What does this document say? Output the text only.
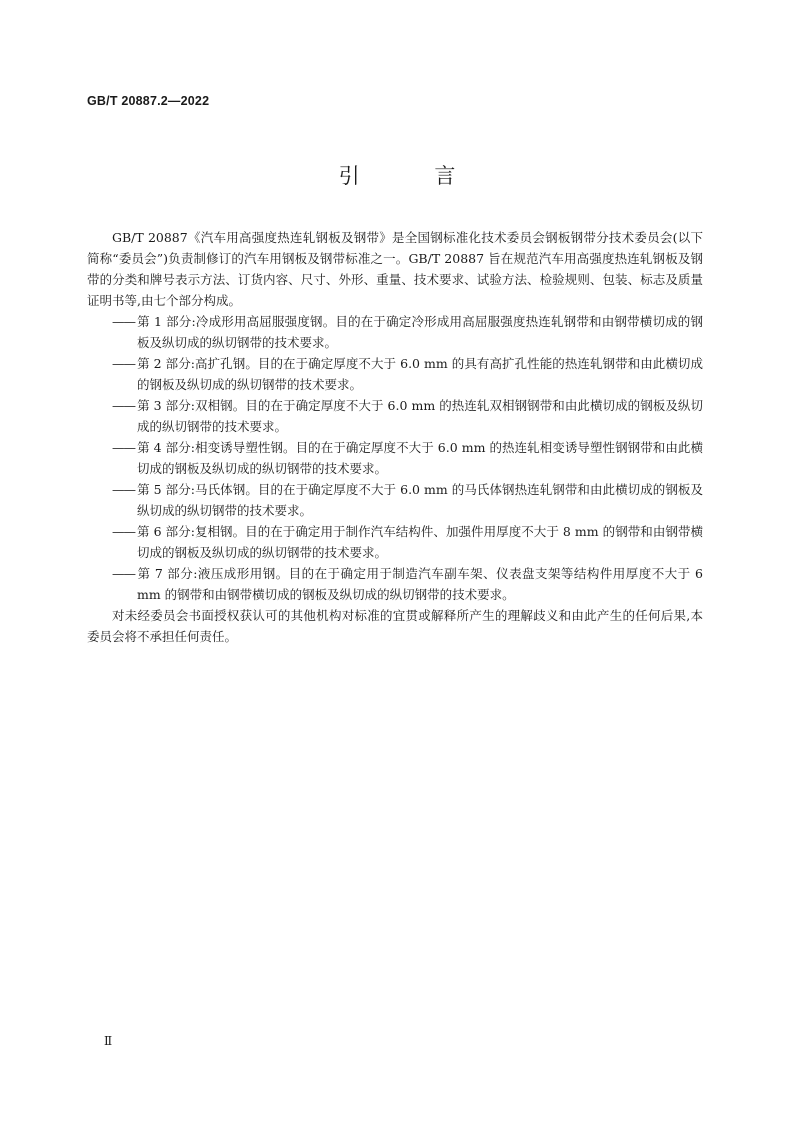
GB/T 20887.2—2022
引 言

GB/T 20887《汽车用高强度热连轧钢板及钢带》是全国钢标准化技术委员会钢板钢带分技术委员会(以下简称“委员会”)负责制修订的汽车用钢板及钢带标准之一。GB/T 20887 旨在规范汽车用高强度热连轧钢板及钢带的分类和牌号表示方法、订货内容、尺寸、外形、重量、技术要求、试验方法、检验规则、包装、标志及质量证明书等,由七个部分构成。

—— 第 1 部分:冷成形用高屈服强度钢。目的在于确定冷形成用高屈服强度热连轧钢带和由钢带横切成的钢板及纵切成的纵切钢带的技术要求。

—— 第 2 部分:高扩孔钢。目的在于确定厚度不大于 6.0 mm 的具有高扩孔性能的热连轧钢带和由此横切成的钢板及纵切成的纵切钢带的技术要求。

—— 第 3 部分:双相钢。目的在于确定厚度不大于 6.0 mm 的热连轧双相钢钢带和由此横切成的钢板及纵切成的纵切钢带的技术要求。

—— 第 4 部分:相变诱导塑性钢。目的在于确定厚度不大于 6.0 mm 的热连轧相变诱导塑性钢钢带和由此横切成的钢板及纵切成的纵切钢带的技术要求。

—— 第 5 部分:马氏体钢。目的在于确定厚度不大于 6.0 mm 的马氏体钢热连轧钢带和由此横切成的钢板及纵切成的纵切钢带的技术要求。

—— 第 6 部分:复相钢。目的在于确定用于制作汽车结构件、加强件用厚度不大于 8 mm 的钢带和由钢带横切成的钢板及纵切成的纵切钢带的技术要求。

—— 第 7 部分:液压成形用钢。目的在于确定用于制造汽车副车架、仪表盘支架等结构件用厚度不大于 6 mm 的钢带和由钢带横切成的钢板及纵切成的纵切钢带的技术要求。

对未经委员会书面授权获认可的其他机构对标准的宜贯或解释所产生的理解歧义和由此产生的任何后果,本委员会将不承担任何责任。

Ⅱ
